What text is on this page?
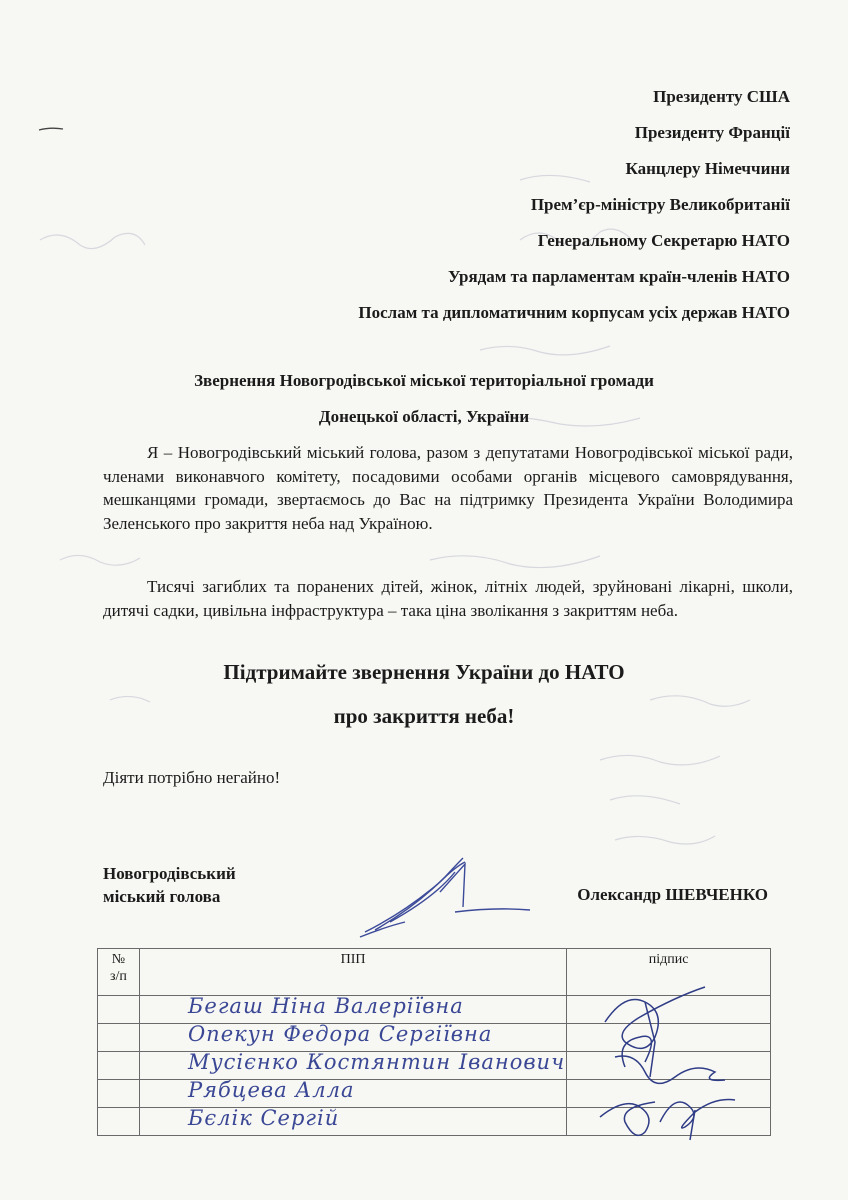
Президенту США
Президенту Франції
Канцлеру Німеччини
Прем’єр-міністру Великобританії
Генеральному Секретарю НАТО
Урядам та парламентам країн-членів НАТО
Послам та дипломатичним корпусам усіх держав НАТО
Звернення Новогродівської міської територіальної громади
Донецької області, України

Я – Новогродівський міський голова, разом з депутатами Новогродівської міської ради, членами виконавчого комітету, посадовими особами органів місцевого самоврядування, мешканцями громади, звертаємось до Вас на підтримку Президента України Володимира Зеленського про закриття неба над Україною.

Тисячі загиблих та поранених дітей, жінок, літніх людей, зруйновані лікарні, школи, дитячі садки, цивільна інфраструктура – така ціна зволікання з закриттям неба.

Підтримайте звернення України до НАТО
про закриття неба!
Діяти потрібно негайно!
Новогродівський
міський голова	Олександр ШЕВЧЕНКО
№
з/п	ПІП	підпис

	Бегаш Ніна Валеріївна	

	Опекун Федора Сергіївна	

	Мусієнко Костянтин Іванович	

	Рябцева Алла	

	Бєлік Сергій	
